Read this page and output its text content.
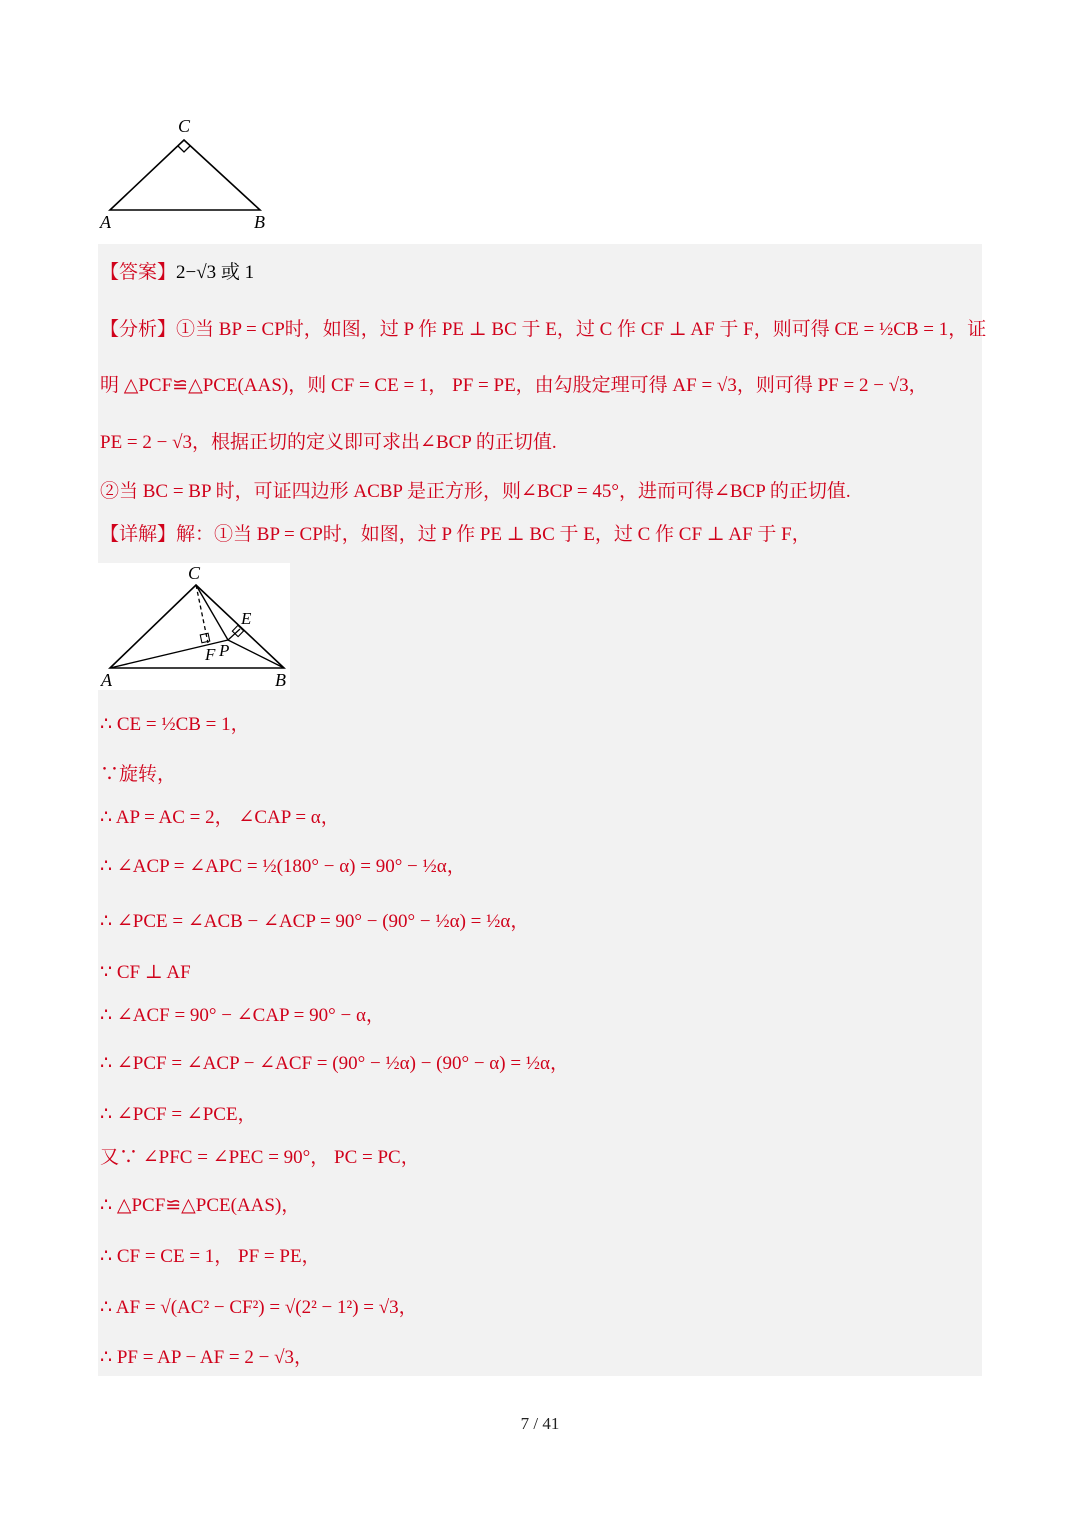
C
A	B
【答案】2−√3 或 1
【分析】①当 BP = CP时，如图，过 P 作 PE ⊥ BC 于 E，过 C 作 CF ⊥ AF 于 F，则可得 CE = ½CB = 1，证
明 △PCF≌△PCE(AAS)，则 CF = CE = 1， PF = PE，由勾股定理可得 AF = √3，则可得 PF = 2 − √3，
PE = 2 − √3，根据正切的定义即可求出∠BCP 的正切值.
②当 BC = BP 时，可证四边形 ACBP 是正方形，则∠BCP = 45°，进而可得∠BCP 的正切值.
【详解】解：①当 BP = CP时，如图，过 P 作 PE ⊥ BC 于 E，过 C 作 CF ⊥ AF 于 F，
C
E
F P
A	B
∴ CE = ½CB = 1，
∵旋转，
∴ AP = AC = 2， ∠CAP = α，
∴ ∠ACP = ∠APC = ½(180° − α) = 90° − ½α，
∴ ∠PCE = ∠ACB − ∠ACP = 90° − (90° − ½α) = ½α，
∵ CF ⊥ AF
∴ ∠ACF = 90° − ∠CAP = 90° − α，
∴ ∠PCF = ∠ACP − ∠ACF = (90° − ½α) − (90° − α) = ½α，
∴ ∠PCF = ∠PCE，
又∵ ∠PFC = ∠PEC = 90°， PC = PC，
∴ △PCF≌△PCE(AAS)，
∴ CF = CE = 1， PF = PE，
∴ AF = √(AC² − CF²) = √(2² − 1²) = √3，
∴ PF = AP − AF = 2 − √3，
7 / 41
